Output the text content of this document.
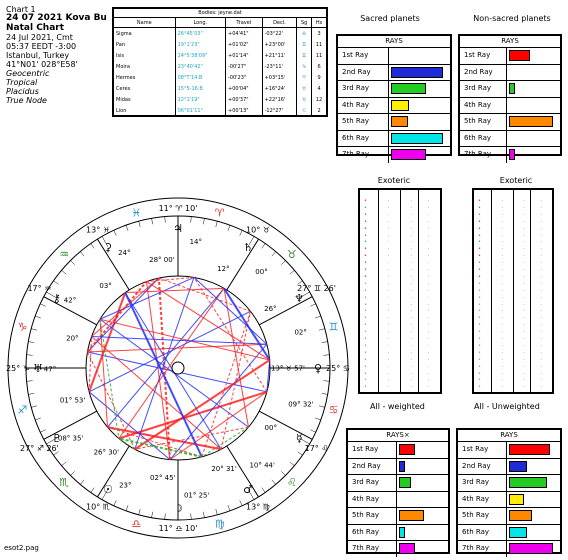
Chart 1
24 07 2021 Kova Bu
Natal Chart
24 Jul 2021, Cmt
05:37 EEDT -3:00
Istanbul, Turkey
41°N01' 028°E58'
Geocentric
Tropical
Placidus
True Node
Bodies: jeyne.dat
Name	Long.	Travel	Decl.	Sg	Hs
Sigma	26°45'03"	+04'41"	-03°22'	♎	3
Pan	19°1'23"	+01'02"	+23°00'	♊	11
Isis	24°5'38'09"	+01'14"	+21°11'	♊	11
Moira	23°40'42"	-00'27"	-23°11'	♑	6
Hermes	08°T'14.B	-00'23"	+03°15'	♈	9
Ceres	15°5-16.B	+00'04"	+16°24'	♉	4
Midas	12°1'19"	+00'37"	+22°16'	♉	12
Lion	06°01'11"	+00'13"	-12°27'	♌	2
Sacred planets
RAYS
1st Ray
2nd Ray
3rd Ray
4th Ray
5th Ray
6th Ray
7th Ray
Non-sacred planets
RAYS
1st Ray
2nd Ray
3rd Ray
4th Ray
5th Ray
6th Ray
7th Ray
Exoteric
•	·	·	·
•	·	·	·
•	·	·	·
•	·	·	·
•	·	·	·
•	·	·	·
•	·	·	·
•	·	·	·
•	·	·	·
•	·	·	·
•	·	·	·
•	·	·	·
•	·	·	·
•	·	·	·
•	·	·	·
•	·	·	·
•	·	·	·
•	·	·	·
•	·	·	·
•	·	·	·
•	·	·	·
•	·	·	·
•	·	·	·
•	·	·	·
•	·	·	·
•	·	·	·
•	·	·	·
•	·	·	·
All - weighted
Exoteric
•	·	·	·
•	·	·	·
•	·	·	·
•	·	·	·
•	·	·	·
•	·	·	·
•	·	·	·
•	·	·	·
•	·	·	·
•	·	·	·
•	·	·	·
•	·	·	·
•	·	·	·
•	·	·	·
•	·	·	·
•	·	·	·
•	·	·	·
•	·	·	·
•	·	·	·
•	·	·	·
•	·	·	·
•	·	·	·
•	·	·	·
•	·	·	·
•	·	·	·
•	·	·	·
•	·	·	·
•	·	·	·
All - Unweighted
RAYS×
1st Ray
2nd Ray
3rd Ray
4th Ray
5th Ray
6th Ray
7th Ray
RAYS
1st Ray
2nd Ray
3rd Ray
4th Ray
5th Ray
6th Ray
7th Ray
♈
♉
♊
♋
♌
♍
♎
♏
♐
♑
♒
♓ 11° ♈ 10'
10° ♉
27° ♊ 26'
25° ♋
17° ♌
13° ♍
11° ♎ 10'
10° ♏
27° ♐ 26'
25° ♑
17° ♒
13° ♓
14°
12°	00°
26°
02°
13° ♉ 57'
09° 32'
00°
10° 44'
20° 31'
01° 25'
02° 45'
23°
26° 30'
08° 35'
01° 53'
47°
20°
42°
03°
24°
28° 00'
♃
♄
♆
♀
☿
♂
☽
☉
♇
♅
⚷
⚳
esot2.pag
